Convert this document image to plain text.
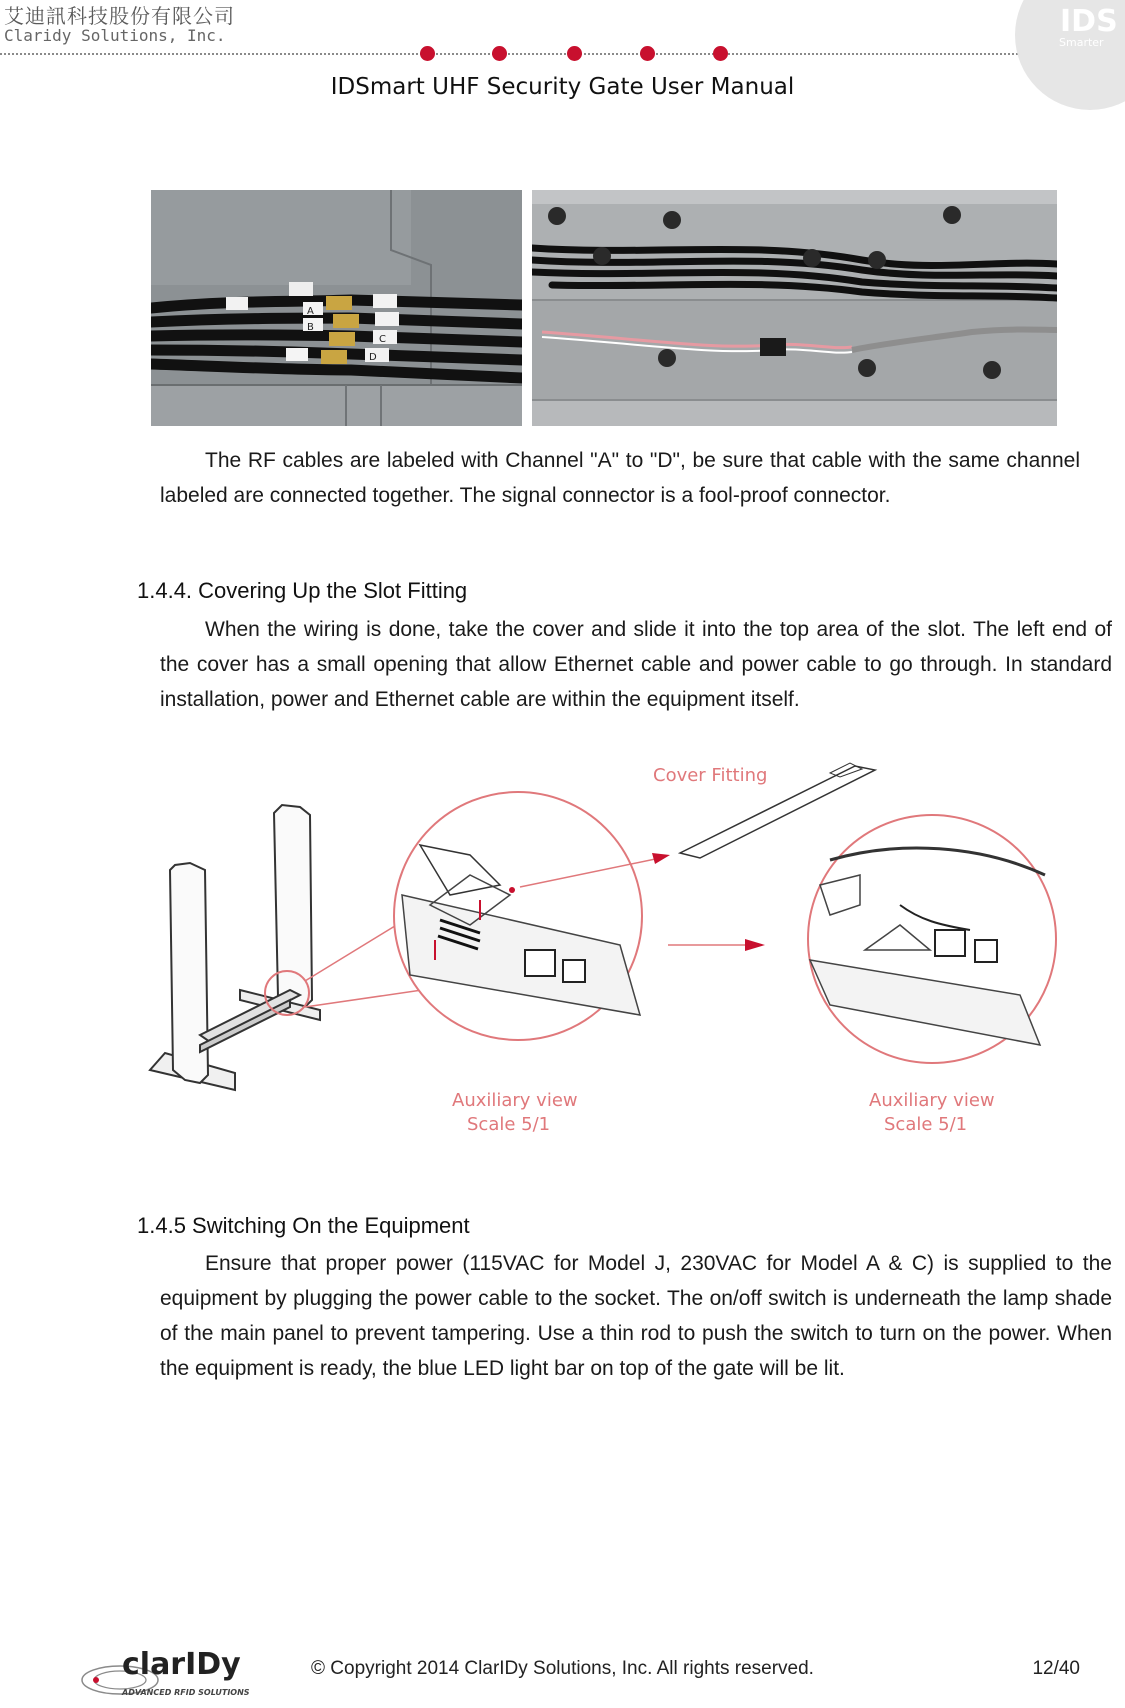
艾迪訊科技股份有限公司
Claridy Solutions, Inc.
IDSmart UHF Security Gate User Manual
IDS
Smarter
A
B
C
D

The RF cables are labeled with Channel "A" to "D", be sure that cable with the same channel labeled are connected together. The signal connector is a fool-proof connector.

1.4.4. Covering Up the Slot Fitting

When the wiring is done, take the cover and slide it into the top area of the slot. The left end of the cover has a small opening that allow Ethernet cable and power cable to go through. In standard installation, power and Ethernet cable are within the equipment itself.

Cover Fitting
Auxiliary view
Scale 5/1
Auxiliary view
Scale 5/1
1.4.5 Switching On the Equipment

Ensure that proper power (115VAC for Model J, 230VAC for Model A & C) is supplied to the equipment by plugging the power cable to the socket. The on/off switch is underneath the lamp shade of the main panel to prevent tampering. Use a thin rod to push the switch to turn on the power. When the equipment is ready, the blue LED light bar on top of the gate will be lit.

clarIDy
ADVANCED RFID SOLUTIONS
© Copyright 2014 ClarIDy Solutions, Inc. All rights reserved.	12/40
